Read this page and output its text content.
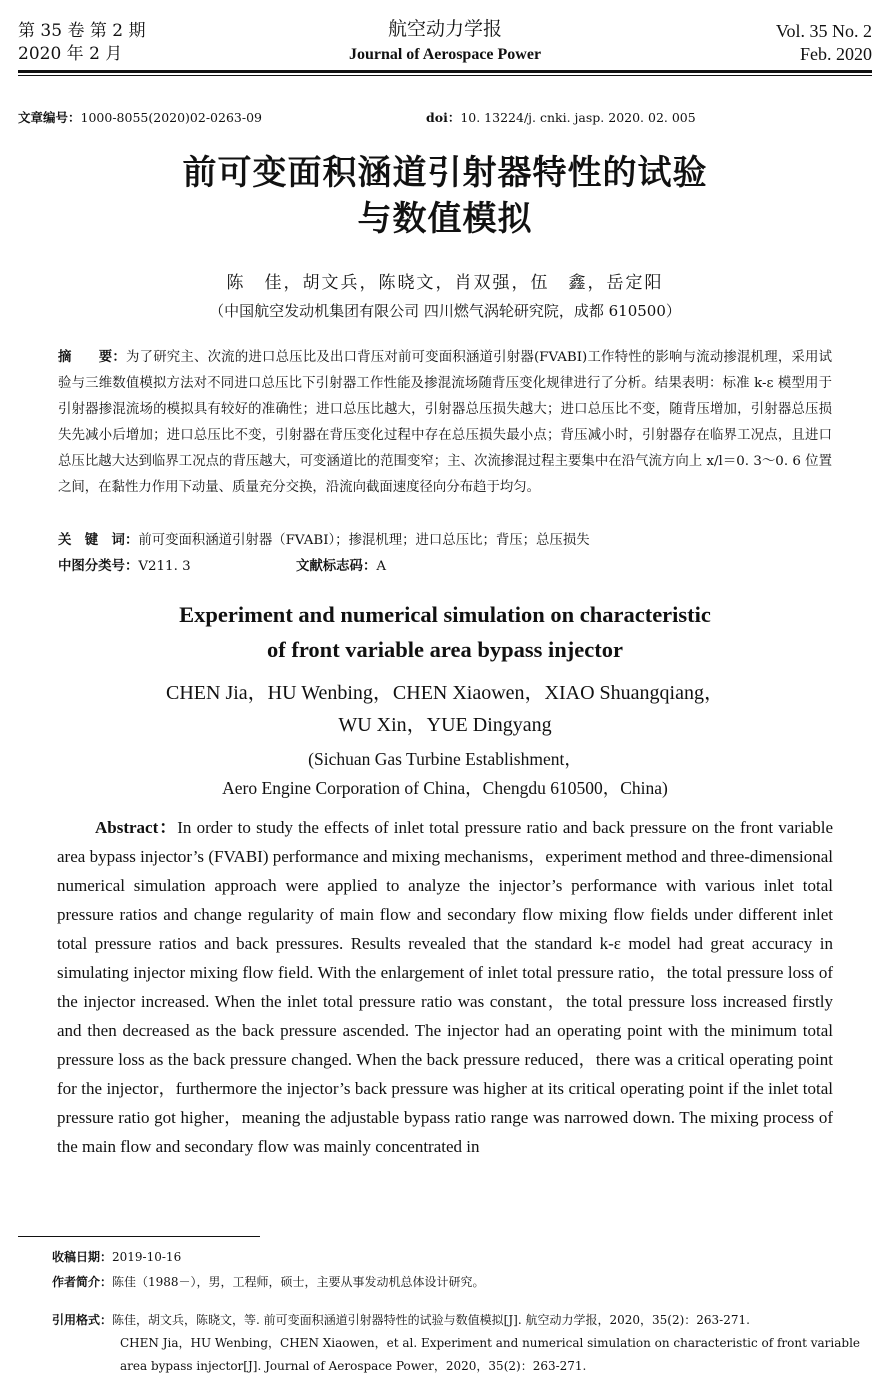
第 35 卷 第 2 期
2020 年 2 月
航空动力学报
Journal of Aerospace Power
Vol. 35 No. 2
Feb. 2020
文章编号：1000-8055(2020)02-0263-09	doi：10. 13224/j. cnki. jasp. 2020. 02. 005
前可变面积涵道引射器特性的试验
与数值模拟
陈　佳，胡文兵，陈晓文，肖双强，伍　鑫，岳定阳
（中国航空发动机集团有限公司 四川燃气涡轮研究院，成都 610500）
摘　　要：为了研究主、次流的进口总压比及出口背压对前可变面积涵道引射器(FVABI)工作特性的影响与流动掺混机理，采用试验与三维数值模拟方法对不同进口总压比下引射器工作性能及掺混流场随背压变化规律进行了分析。结果表明：标准 k-ε 模型用于引射器掺混流场的模拟具有较好的准确性；进口总压比越大，引射器总压损失越大；进口总压比不变，随背压增加，引射器总压损失先减小后增加；进口总压比不变，引射器在背压变化过程中存在总压损失最小点；背压减小时，引射器存在临界工况点，且进口总压比越大达到临界工况点的背压越大，可变涵道比的范围变窄；主、次流掺混过程主要集中在沿气流方向上 x/l＝0. 3～0. 6 位置之间，在黏性力作用下动量、质量充分交换，沿流向截面速度径向分布趋于均匀。
关　键　词：前可变面积涵道引射器（FVABI）；掺混机理；进口总压比；背压；总压损失
中图分类号：V211. 3	文献标志码：A
Experiment and numerical simulation on characteristic
of front variable area bypass injector
CHEN Jia，HU Wenbing，CHEN Xiaowen，XIAO Shuangqiang，
WU Xin，YUE Dingyang
(Sichuan Gas Turbine Establishment，
Aero Engine Corporation of China，Chengdu 610500，China)
Abstract：In order to study the effects of inlet total pressure ratio and back pressure on the front variable area bypass injector’s (FVABI) performance and mixing mechanisms，experiment method and three-dimensional numerical simulation approach were applied to analyze the injector’s performance with various inlet total pressure ratios and change regularity of main flow and secondary flow mixing flow fields under different inlet total pressure ratios and back pressures. Results revealed that the standard k-ε model had great accuracy in simulating injector mixing flow field. With the enlargement of inlet total pressure ratio，the total pressure loss of the injector increased. When the inlet total pressure ratio was constant，the total pressure loss increased firstly and then decreased as the back pressure ascended. The injector had an operating point with the minimum total pressure loss as the back pressure changed. When the back pressure reduced，there was a critical operating point for the injector，furthermore the injector’s back pressure was higher at its critical operating point if the inlet total pressure ratio got higher，meaning the adjustable bypass ratio range was narrowed down. The mixing process of the main flow and secondary flow was mainly concentrated in
收稿日期：2019-10-16
作者简介：陈佳（1988－），男，工程师，硕士，主要从事发动机总体设计研究。
引用格式：陈佳，胡文兵，陈晓文，等. 前可变面积涵道引射器特性的试验与数值模拟[J]. 航空动力学报，2020，35(2)：263-271.
CHEN Jia，HU Wenbing，CHEN Xiaowen，et al. Experiment and numerical simulation on characteristic of front variable
area bypass injector[J]. Journal of Aerospace Power，2020，35(2)：263-271.
